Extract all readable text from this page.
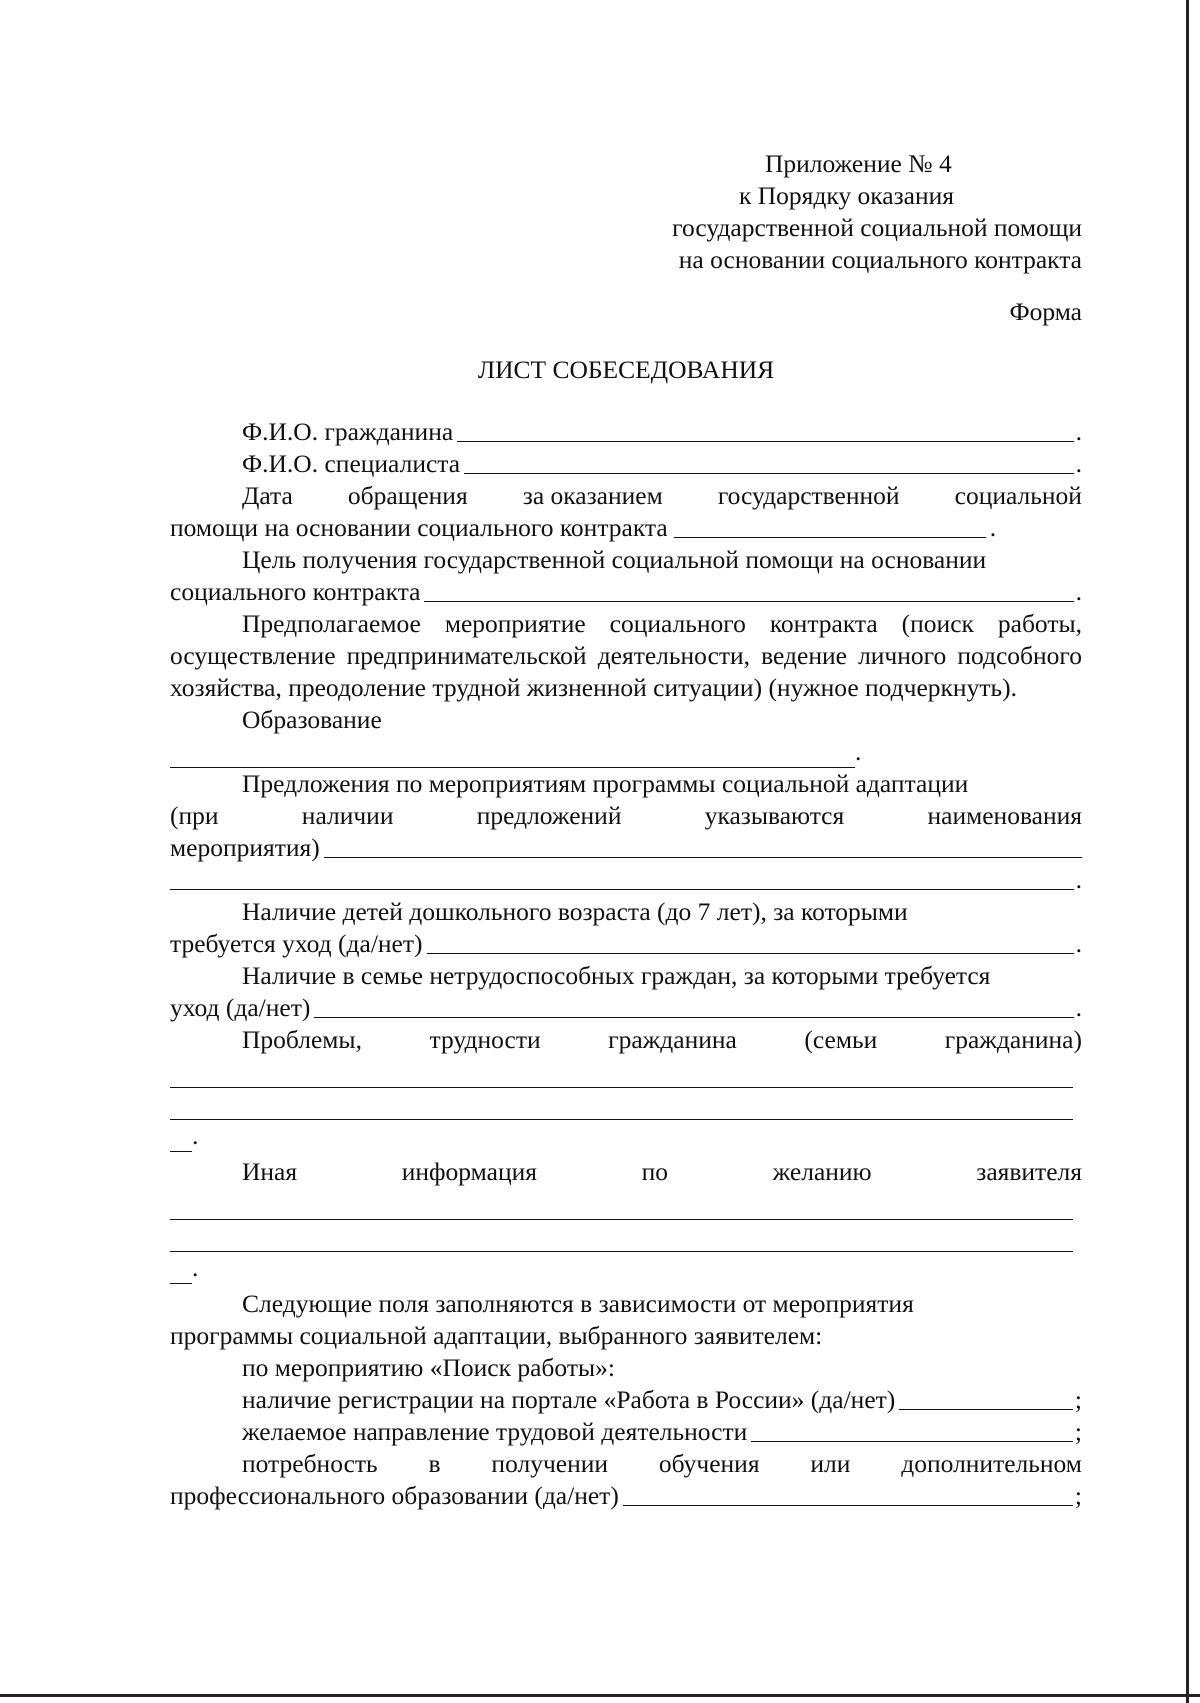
Приложение № 4
к Порядку оказания
государственной социальной помощи
на основании социального контракта
Форма
ЛИСТ СОБЕСЕДОВАНИЯ
Ф.И.О. гражданина	.
Ф.И.О. специалиста	.
Дата обращения за оказанием государственной социальной
помощи на основании социального контракта	.
Цель получения государственной социальной помощи на основании
социального контракта	.
Предполагаемое мероприятие социального контракта (поиск работы, осуществление предпринимательской деятельности, ведение личного подсобного хозяйства, преодоление трудной жизненной ситуации) (нужное подчеркнуть).
Образование
.
Предложения по мероприятиям программы социальной адаптации
(при	наличии	предложений	указываются	наименования
мероприятия)
.
Наличие детей дошкольного возраста (до 7 лет), за которыми
требуется уход (да/нет)	.
Наличие в семье нетрудоспособных граждан, за которыми требуется
уход (да/нет)	.
Проблемы,	трудности	гражданина	(семьи	гражданина)
.
Иная	информация	по	желанию	заявителя
.
Следующие поля заполняются в зависимости от мероприятия
программы социальной адаптации, выбранного заявителем:
по мероприятию «Поиск работы»:
наличие регистрации на портале «Работа в России» (да/нет)	;
желаемое направление трудовой деятельности	;
потребность в получении обучения или дополнительном
профессионального образовании (да/нет)	;
